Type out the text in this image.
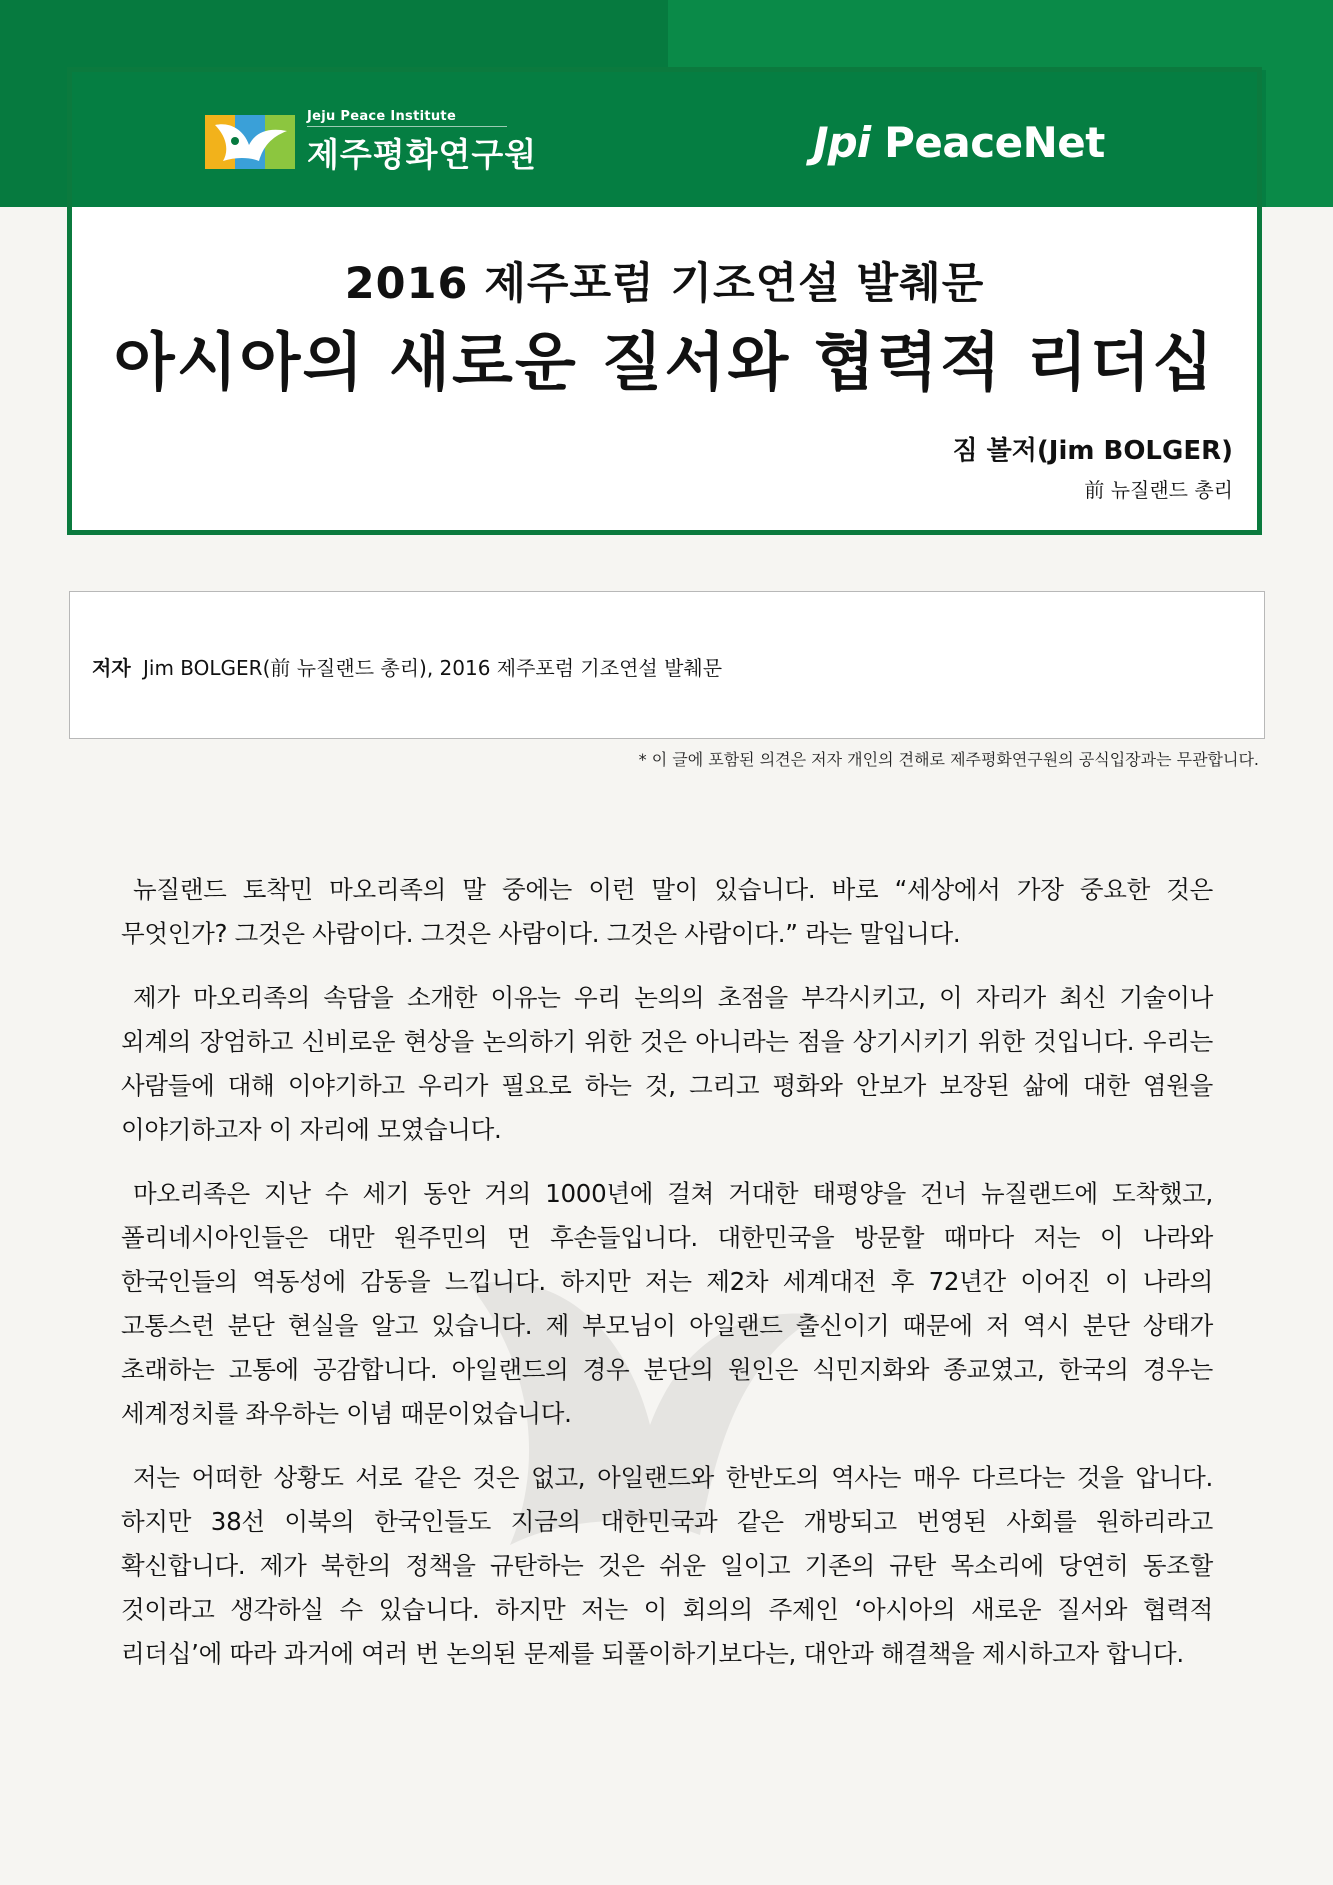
Jeju Peace Institute
제주평화연구원	Jpi PeaceNet
2016 제주포럼 기조연설 발췌문
아시아의 새로운 질서와 협력적 리더십
짐 볼저(Jim BOLGER)
前 뉴질랜드 총리
저자 Jim BOLGER(前 뉴질랜드 총리), 2016 제주포럼 기조연설 발췌문
* 이 글에 포함된 의견은 저자 개인의 견해로 제주평화연구원의 공식입장과는 무관합니다.

뉴질랜드 토착민 마오리족의 말 중에는 이런 말이 있습니다. 바로 “세상에서 가장 중요한 것은 무엇인가? 그것은 사람이다. 그것은 사람이다. 그것은 사람이다.” 라는 말입니다.

제가 마오리족의 속담을 소개한 이유는 우리 논의의 초점을 부각시키고, 이 자리가 최신 기술이나 외계의 장엄하고 신비로운 현상을 논의하기 위한 것은 아니라는 점을 상기시키기 위한 것입니다. 우리는 사람들에 대해 이야기하고 우리가 필요로 하는 것, 그리고 평화와 안보가 보장된 삶에 대한 염원을 이야기하고자 이 자리에 모였습니다.

마오리족은 지난 수 세기 동안 거의 1000년에 걸쳐 거대한 태평양을 건너 뉴질랜드에 도착했고, 폴리네시아인들은 대만 원주민의 먼 후손들입니다. 대한민국을 방문할 때마다 저는 이 나라와 한국인들의 역동성에 감동을 느낍니다. 하지만 저는 제2차 세계대전 후 72년간 이어진 이 나라의 고통스런 분단 현실을 알고 있습니다. 제 부모님이 아일랜드 출신이기 때문에 저 역시 분단 상태가 초래하는 고통에 공감합니다. 아일랜드의 경우 분단의 원인은 식민지화와 종교였고, 한국의 경우는 세계정치를 좌우하는 이념 때문이었습니다.

저는 어떠한 상황도 서로 같은 것은 없고, 아일랜드와 한반도의 역사는 매우 다르다는 것을 압니다. 하지만 38선 이북의 한국인들도 지금의 대한민국과 같은 개방되고 번영된 사회를 원하리라고 확신합니다. 제가 북한의 정책을 규탄하는 것은 쉬운 일이고 기존의 규탄 목소리에 당연히 동조할 것이라고 생각하실 수 있습니다. 하지만 저는 이 회의의 주제인 ‘아시아의 새로운 질서와 협력적 리더십’에 따라 과거에 여러 번 논의된 문제를 되풀이하기보다는, 대안과 해결책을 제시하고자 합니다.
